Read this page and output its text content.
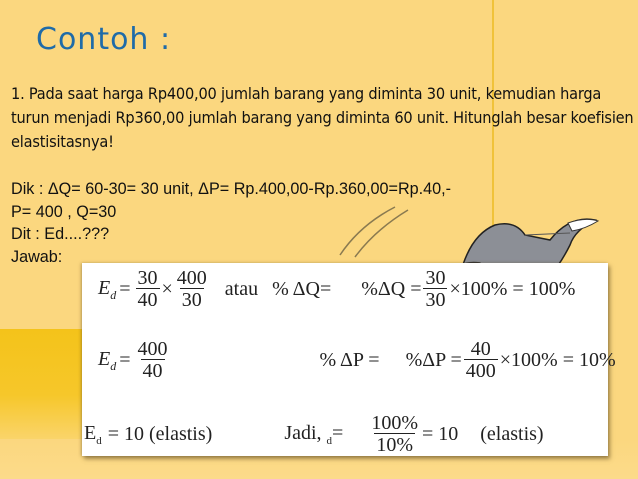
Contoh :
1. Pada saat harga Rp400,00 jumlah barang yang diminta 30 unit, kemudian harga turun menjadi Rp360,00 jumlah barang yang diminta 60 unit. Hitunglah besar koefisien elastisitasnya!
Dik : ΔQ= 60-30= 30 unit, ΔP= Rp.400,00-Rp.360,00=Rp.40,-
P= 400 , Q=30
Dit : Ed....???
Jawab:
$E_d = \frac{30}{40} \times \frac{400}{30}$ atau % $\Delta Q= \%\Delta Q = \frac{30}{30} \times 100\% = 100\%$
$E_d = \frac{400}{40}$	% $\Delta P = \%\Delta P = \frac{40}{400} \times 100\% = 10\%$
$E_d = 10$ (elastis)	Jadi, $_d= \frac{100\%}{10\%} = 10$ (elastis)
